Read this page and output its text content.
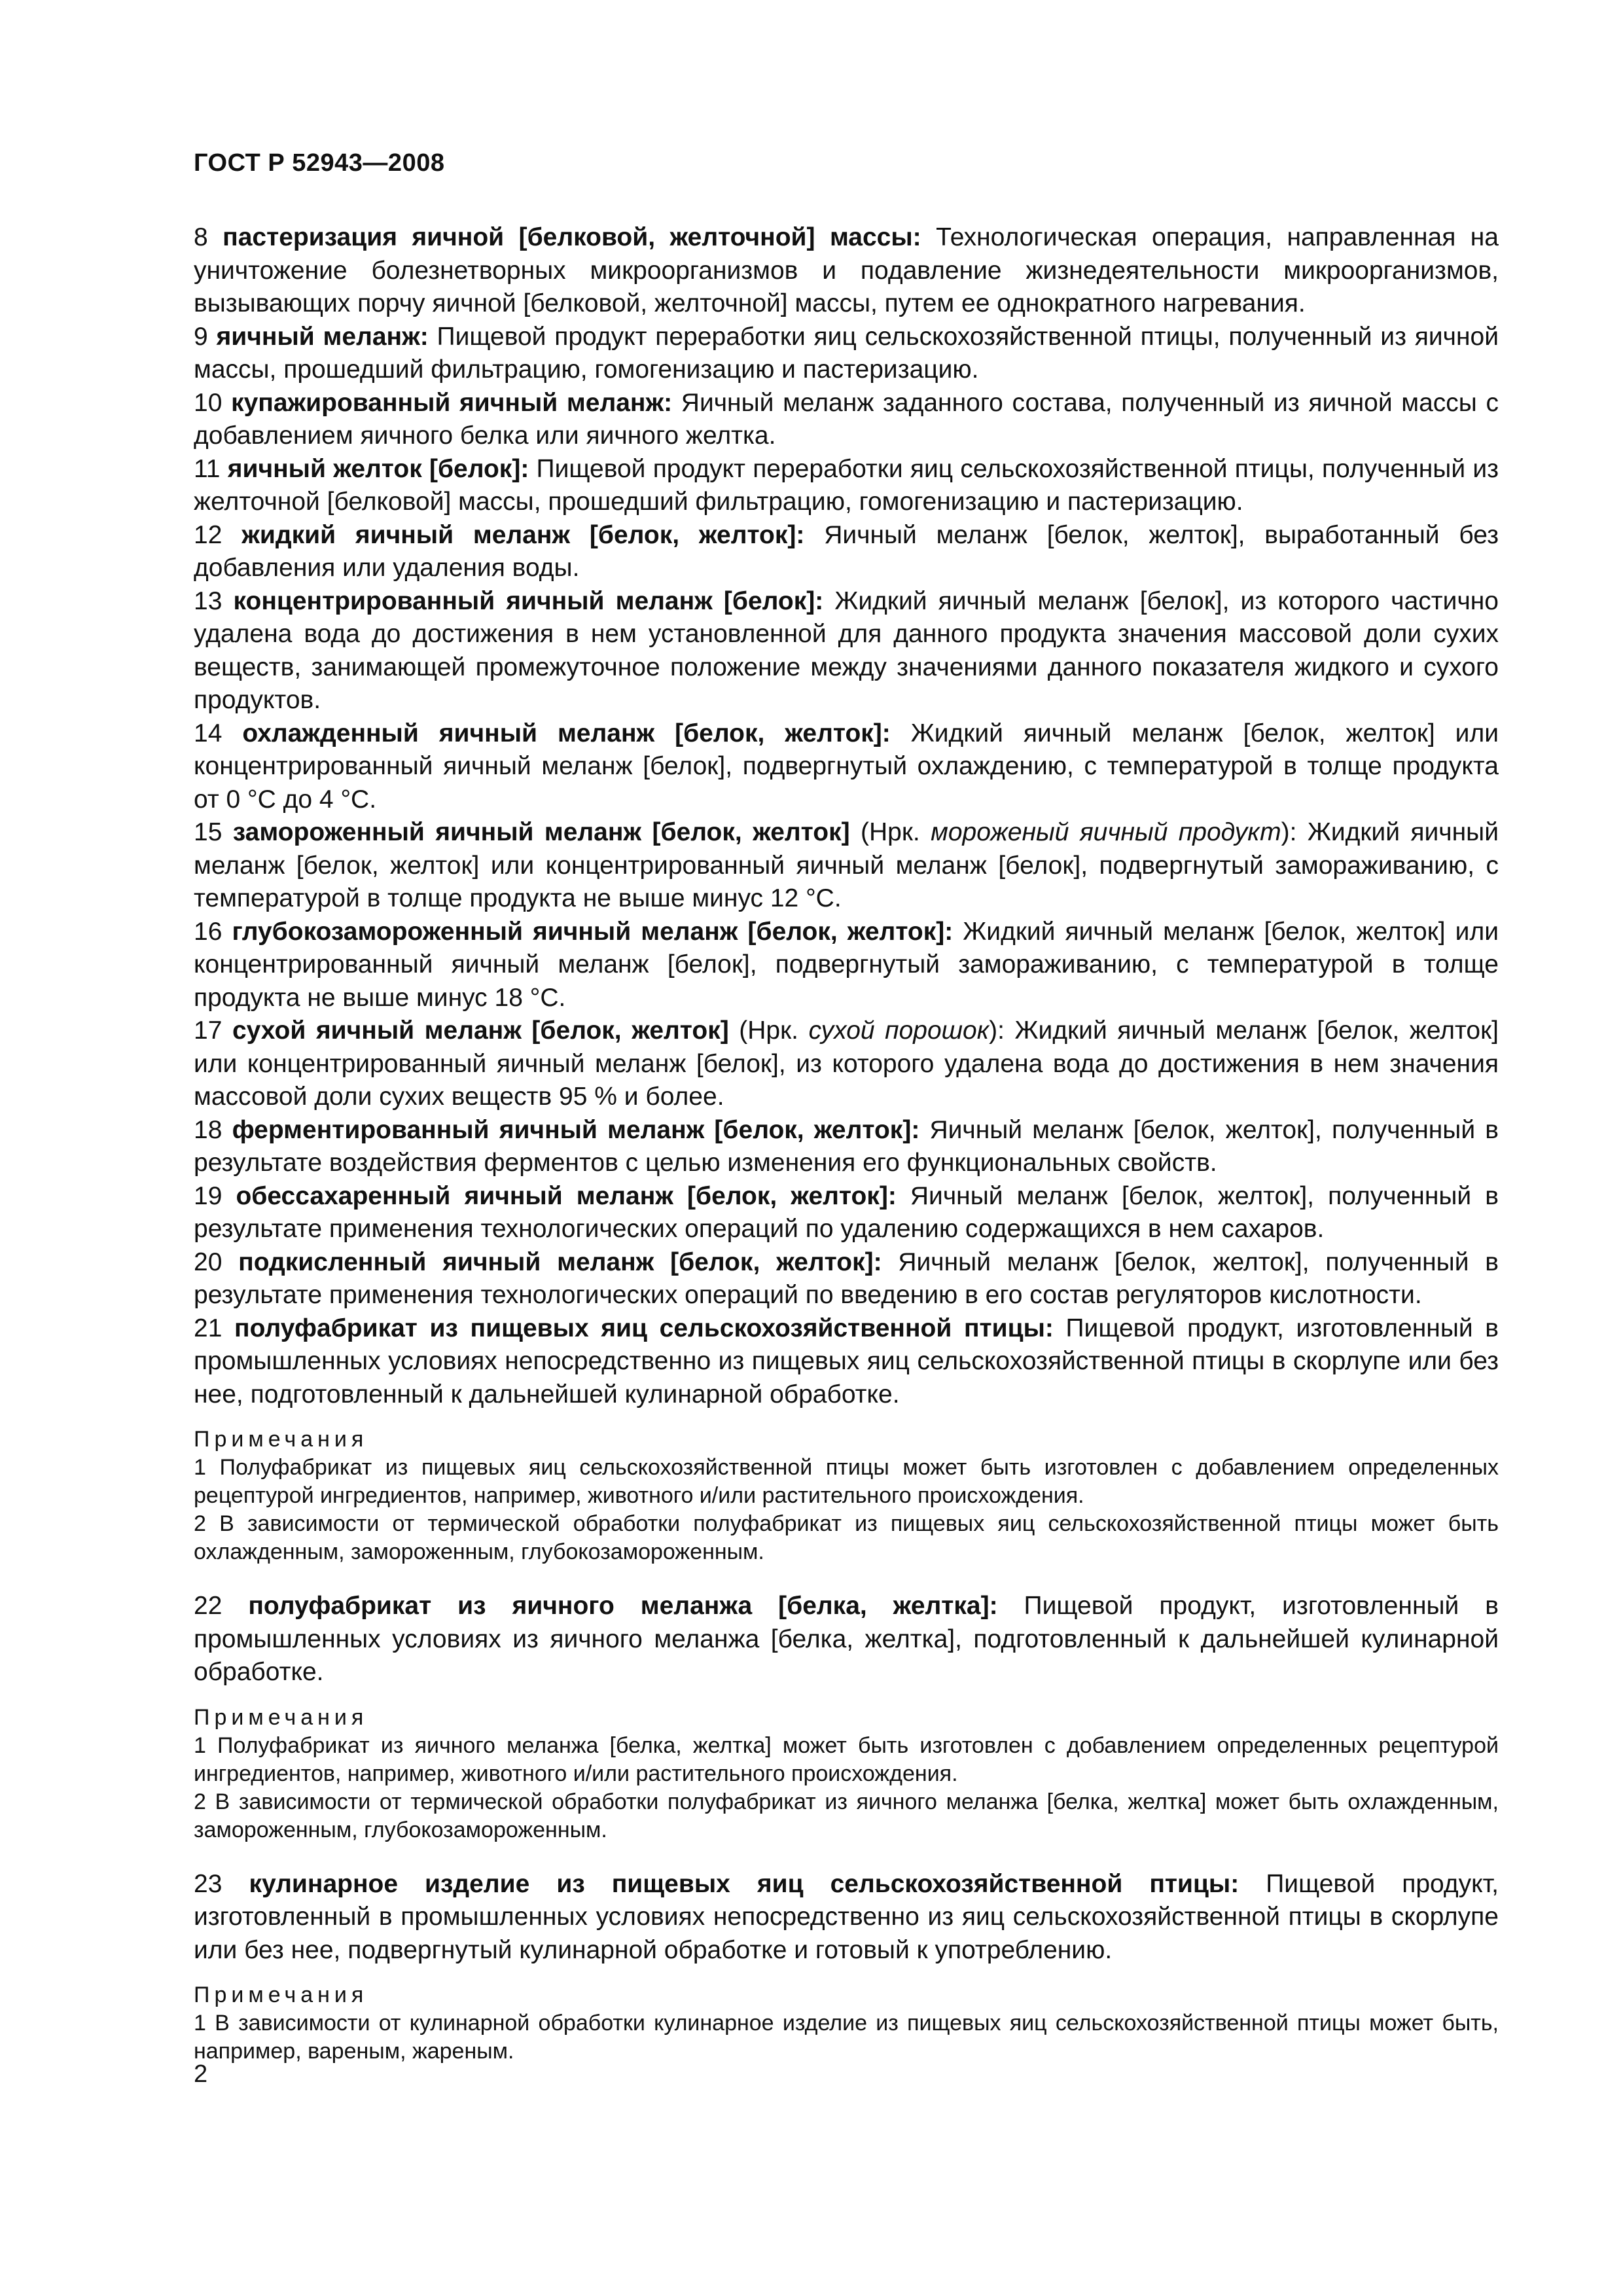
ГОСТ Р 52943—2008

8 пастеризация яичной [белковой, желточной] массы: Технологическая операция, направленная на уничтожение болезнетворных микроорганизмов и подавление жизнедеятельности микроорганизмов, вызывающих порчу яичной [белковой, желточной] массы, путем ее однократного нагревания.

9 яичный меланж: Пищевой продукт переработки яиц сельскохозяйственной птицы, полученный из яичной массы, прошедший фильтрацию, гомогенизацию и пастеризацию.

10 купажированный яичный меланж: Яичный меланж заданного состава, полученный из яичной массы с добавлением яичного белка или яичного желтка.

11 яичный желток [белок]: Пищевой продукт переработки яиц сельскохозяйственной птицы, полученный из желточной [белковой] массы, прошедший фильтрацию, гомогенизацию и пастеризацию.

12 жидкий яичный меланж [белок, желток]: Яичный меланж [белок, желток], выработанный без добавления или удаления воды.

13 концентрированный яичный меланж [белок]: Жидкий яичный меланж [белок], из которого частично удалена вода до достижения в нем установленной для данного продукта значения массовой доли сухих веществ, занимающей промежуточное положение между значениями данного показателя жидкого и сухого продуктов.

14 охлажденный яичный меланж [белок, желток]: Жидкий яичный меланж [белок, желток] или концентрированный яичный меланж [белок], подвергнутый охлаждению, с температурой в толще продукта от 0 °С до 4 °С.

15 замороженный яичный меланж [белок, желток] (Нрк. мороженый яичный продукт): Жидкий яичный меланж [белок, желток] или концентрированный яичный меланж [белок], подвергнутый замораживанию, с температурой в толще продукта не выше минус 12 °С.

16 глубокозамороженный яичный меланж [белок, желток]: Жидкий яичный меланж [белок, желток] или концентрированный яичный меланж [белок], подвергнутый замораживанию, с температурой в толще продукта не выше минус 18 °С.

17 сухой яичный меланж [белок, желток] (Нрк. сухой порошок): Жидкий яичный меланж [белок, желток] или концентрированный яичный меланж [белок], из которого удалена вода до достижения в нем значения массовой доли сухих веществ 95 % и более.

18 ферментированный яичный меланж [белок, желток]: Яичный меланж [белок, желток], полученный в результате воздействия ферментов с целью изменения его функциональных свойств.

19 обессахаренный яичный меланж [белок, желток]: Яичный меланж [белок, желток], полученный в результате применения технологических операций по удалению содержащихся в нем сахаров.

20 подкисленный яичный меланж [белок, желток]: Яичный меланж [белок, желток], полученный в результате применения технологических операций по введению в его состав регуляторов кислотности.

21 полуфабрикат из пищевых яиц сельскохозяйственной птицы: Пищевой продукт, изготовленный в промышленных условиях непосредственно из пищевых яиц сельскохозяйственной птицы в скорлупе или без нее, подготовленный к дальнейшей кулинарной обработке.

Примечания

1 Полуфабрикат из пищевых яиц сельскохозяйственной птицы может быть изготовлен с добавлением определенных рецептурой ингредиентов, например, животного и/или растительного происхождения.

2 В зависимости от термической обработки полуфабрикат из пищевых яиц сельскохозяйственной птицы может быть охлажденным, замороженным, глубокозамороженным.

22 полуфабрикат из яичного меланжа [белка, желтка]: Пищевой продукт, изготовленный в промышленных условиях из яичного меланжа [белка, желтка], подготовленный к дальнейшей кулинарной обработке.

Примечания

1 Полуфабрикат из яичного меланжа [белка, желтка] может быть изготовлен с добавлением определенных рецептурой ингредиентов, например, животного и/или растительного происхождения.

2 В зависимости от термической обработки полуфабрикат из яичного меланжа [белка, желтка] может быть охлажденным, замороженным, глубокозамороженным.

23 кулинарное изделие из пищевых яиц сельскохозяйственной птицы: Пищевой продукт, изготовленный в промышленных условиях непосредственно из яиц сельскохозяйственной птицы в скорлупе или без нее, подвергнутый кулинарной обработке и готовый к употреблению.

Примечания

1 В зависимости от кулинарной обработки кулинарное изделие из пищевых яиц сельскохозяйственной птицы может быть, например, вареным, жареным.

2
